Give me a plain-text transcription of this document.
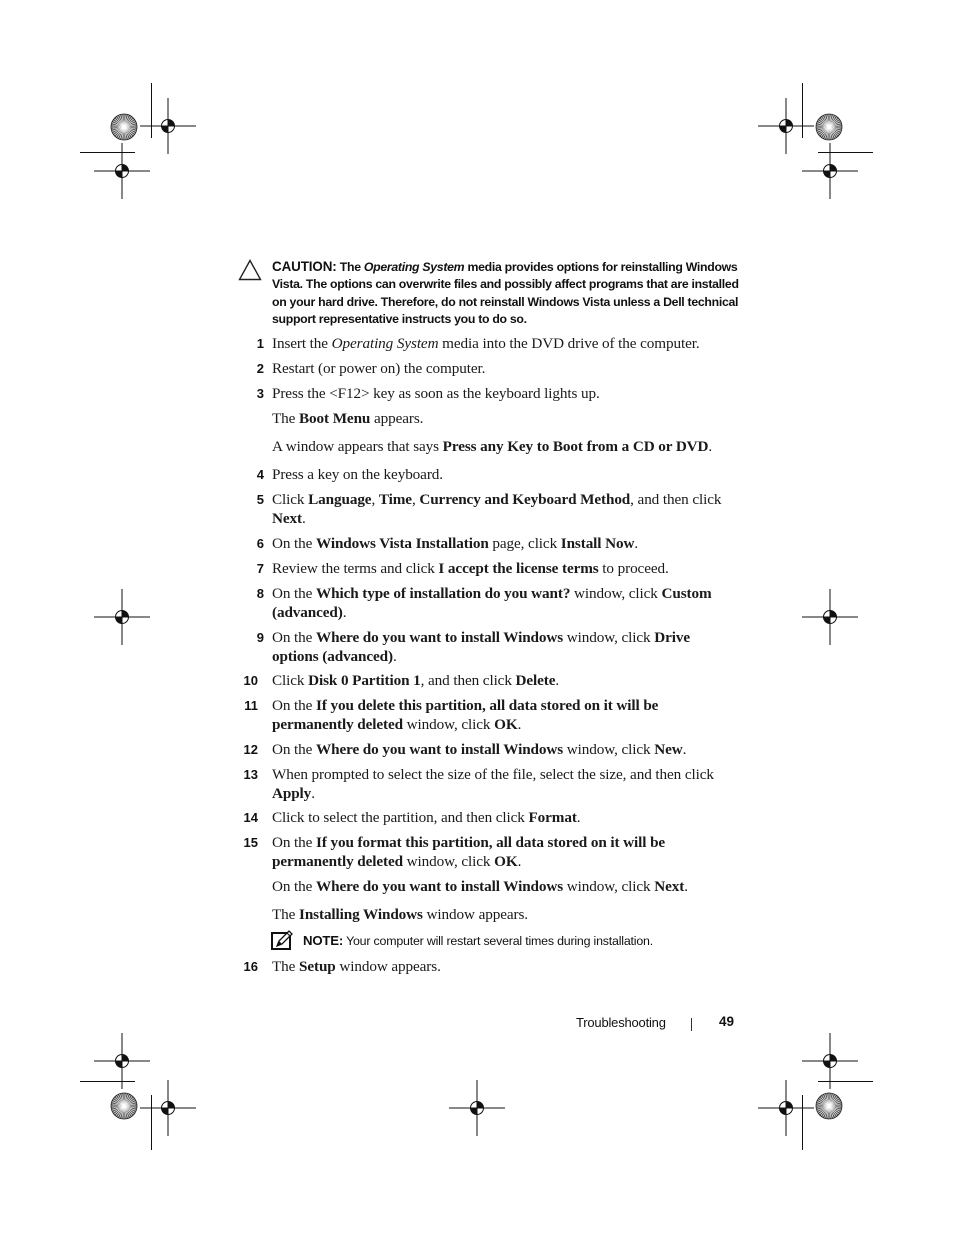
CAUTION: The Operating System media provides options for reinstalling Windows Vista. The options can overwrite files and possibly affect programs that are installed on your hard drive. Therefore, do not reinstall Windows Vista unless a Dell technical support representative instructs you to do so.
1 Insert the Operating System media into the DVD drive of the computer.
2 Restart (or power on) the computer.
3 Press the <F12> key as soon as the keyboard lights up.
The Boot Menu appears.
A window appears that says Press any Key to Boot from a CD or DVD.
4 Press a key on the keyboard.
5 Click Language, Time, Currency and Keyboard Method, and then click Next.
6 On the Windows Vista Installation page, click Install Now.
7 Review the terms and click I accept the license terms to proceed.
8 On the Which type of installation do you want? window, click Custom (advanced).
9 On the Where do you want to install Windows window, click Drive options (advanced).
10 Click Disk 0 Partition 1, and then click Delete.
11 On the If you delete this partition, all data stored on it will be permanently deleted window, click OK.
12 On the Where do you want to install Windows window, click New.
13 When prompted to select the size of the file, select the size, and then click Apply.
14 Click to select the partition, and then click Format.
15 On the If you format this partition, all data stored on it will be permanently deleted window, click OK.
On the Where do you want to install Windows window, click Next.
The Installing Windows window appears.
16 The Setup window appears.
NOTE: Your computer will restart several times during installation.
Troubleshooting	49
